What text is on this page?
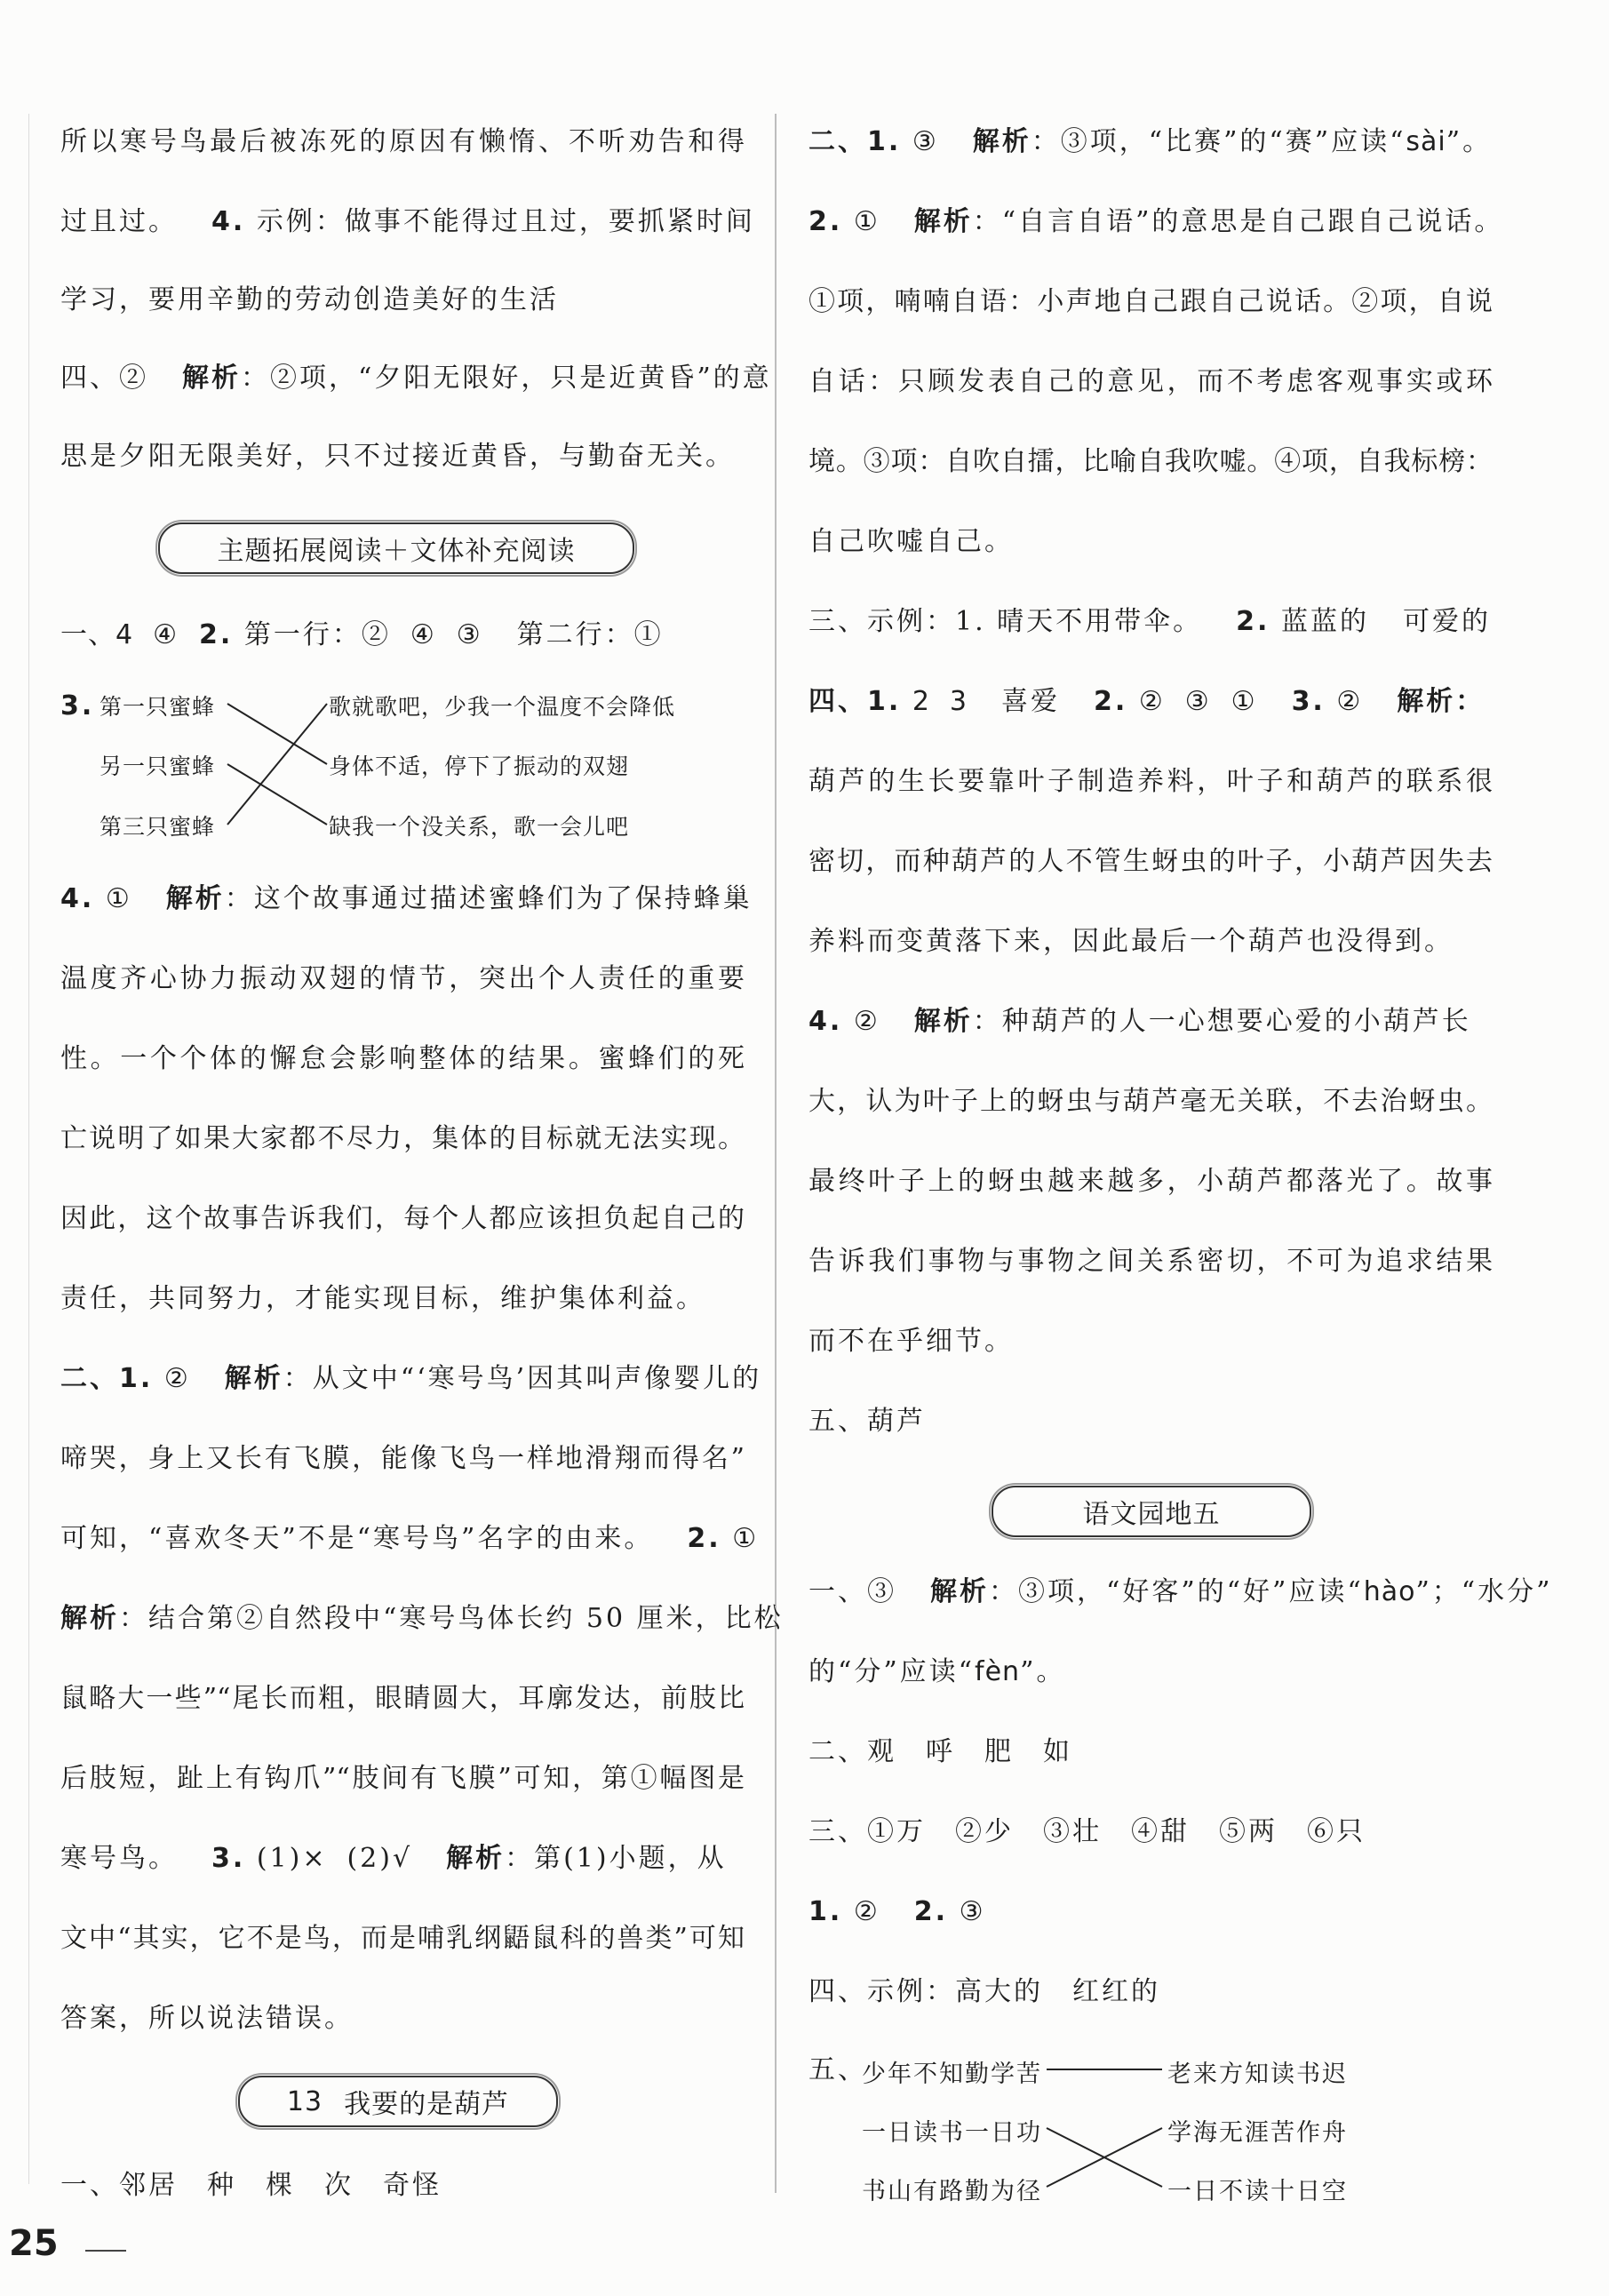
所以寒号鸟最后被冻死的原因有懒惰、不听劝告和得
过且过。 4. 示例：做事不能得过且过，要抓紧时间
学习，要用辛勤的劳动创造美好的生活
四、② 解析：②项，“夕阳无限好，只是近黄昏”的意
思是夕阳无限美好，只不过接近黄昏，与勤奋无关。
主题拓展阅读＋文体补充阅读
一、4 ④ 2. 第一行：② ④ ③ 第二行：①
3. 第一只蜜蜂
另一只蜜蜂
第三只蜜蜂
歌就歌吧，少我一个温度不会降低
身体不适，停下了振动的双翅
缺我一个没关系，歌一会儿吧
4. ① 解析：这个故事通过描述蜜蜂们为了保持蜂巢
温度齐心协力振动双翅的情节，突出个人责任的重要
性。一个个体的懈怠会影响整体的结果。蜜蜂们的死
亡说明了如果大家都不尽力，集体的目标就无法实现。
因此，这个故事告诉我们，每个人都应该担负起自己的
责任，共同努力，才能实现目标，维护集体利益。
二、1. ② 解析：从文中“‘寒号鸟’因其叫声像婴儿的
啼哭，身上又长有飞膜，能像飞鸟一样地滑翔而得名”
可知，“喜欢冬天”不是“寒号鸟”名字的由来。 2. ①
解析：结合第②自然段中“寒号鸟体长约 50 厘米，比松
鼠略大一些”“尾长而粗，眼睛圆大，耳廓发达，前肢比
后肢短，趾上有钩爪”“肢间有飞膜”可知，第①幅图是
寒号鸟。 3. (1)× (2)√ 解析：第(1)小题，从
文中“其实，它不是鸟，而是哺乳纲鼯鼠科的兽类”可知
答案，所以说法错误。
13 我要的是葫芦
一、邻居　种　棵　次　奇怪
二、1. ③ 解析：③项，“比赛”的“赛”应读“sài”。
2. ① 解析：“自言自语”的意思是自己跟自己说话。
①项，喃喃自语：小声地自己跟自己说话。②项，自说
自话：只顾发表自己的意见，而不考虑客观事实或环
境。③项：自吹自擂，比喻自我吹嘘。④项，自我标榜：
自己吹嘘自己。
三、示例：1. 晴天不用带伞。 2. 蓝蓝的 可爱的
四、1. 2 3 喜爱 2. ② ③ ① 3. ② 解析：
葫芦的生长要靠叶子制造养料，叶子和葫芦的联系很
密切，而种葫芦的人不管生蚜虫的叶子，小葫芦因失去
养料而变黄落下来，因此最后一个葫芦也没得到。
4. ② 解析：种葫芦的人一心想要心爱的小葫芦长
大，认为叶子上的蚜虫与葫芦毫无关联，不去治蚜虫。
最终叶子上的蚜虫越来越多，小葫芦都落光了。故事
告诉我们事物与事物之间关系密切，不可为追求结果
而不在乎细节。
五、葫芦
语文园地五
一、③ 解析：③项，“好客”的“好”应读“hào”；“水分”
的“分”应读“fèn”。
二、观　呼　肥　如
三、①万　②少　③壮　④甜　⑤两　⑥只
1. ② 2. ③
四、示例：高大的　红红的
五、
少年不知勤学苦
一日读书一日功
书山有路勤为径
老来方知读书迟
学海无涯苦作舟
一日不读十日空
25
